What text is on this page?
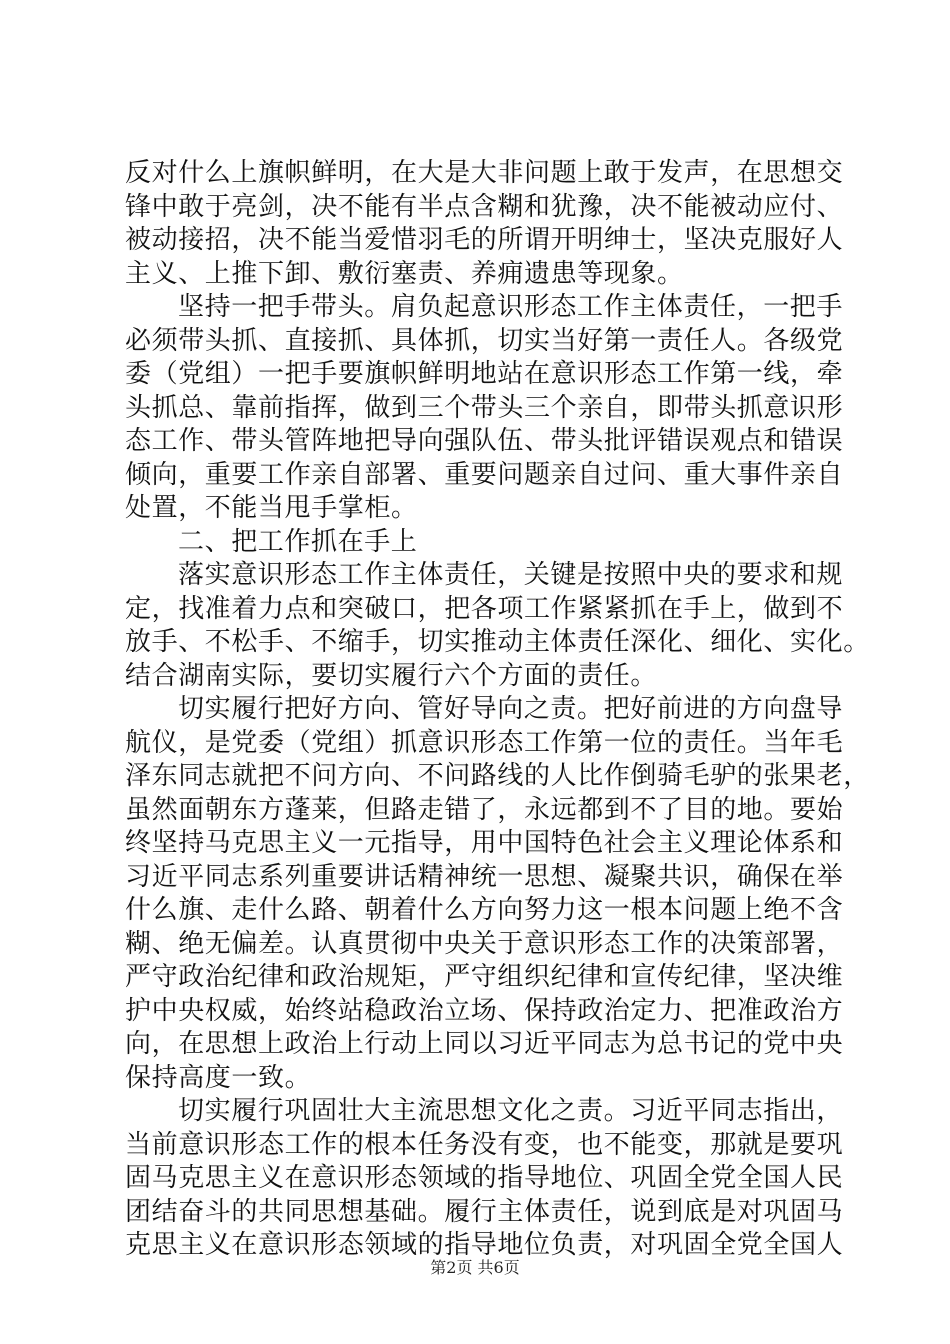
反对什么上旗帜鲜明，在大是大非问题上敢于发声，在思想交
锋中敢于亮剑，决不能有半点含糊和犹豫，决不能被动应付、
被动接招，决不能当爱惜羽毛的所谓开明绅士，坚决克服好人
主义、上推下卸、敷衍塞责、养痈遗患等现象。
坚持一把手带头。肩负起意识形态工作主体责任，一把手
必须带头抓、直接抓、具体抓，切实当好第一责任人。各级党
委（党组）一把手要旗帜鲜明地站在意识形态工作第一线，牵
头抓总、靠前指挥，做到三个带头三个亲自，即带头抓意识形
态工作、带头管阵地把导向强队伍、带头批评错误观点和错误
倾向，重要工作亲自部署、重要问题亲自过问、重大事件亲自
处置，不能当甩手掌柜。
二、把工作抓在手上
落实意识形态工作主体责任，关键是按照中央的要求和规
定，找准着力点和突破口，把各项工作紧紧抓在手上，做到不
放手、不松手、不缩手，切实推动主体责任深化、细化、实化。
结合湖南实际，要切实履行六个方面的责任。
切实履行把好方向、管好导向之责。把好前进的方向盘导
航仪，是党委（党组）抓意识形态工作第一位的责任。当年毛
泽东同志就把不问方向、不问路线的人比作倒骑毛驴的张果老，
虽然面朝东方蓬莱，但路走错了，永远都到不了目的地。要始
终坚持马克思主义一元指导，用中国特色社会主义理论体系和
习近平同志系列重要讲话精神统一思想、凝聚共识，确保在举
什么旗、走什么路、朝着什么方向努力这一根本问题上绝不含
糊、绝无偏差。认真贯彻中央关于意识形态工作的决策部署，
严守政治纪律和政治规矩，严守组织纪律和宣传纪律，坚决维
护中央权威，始终站稳政治立场、保持政治定力、把准政治方
向，在思想上政治上行动上同以习近平同志为总书记的党中央
保持高度一致。
切实履行巩固壮大主流思想文化之责。习近平同志指出，
当前意识形态工作的根本任务没有变，也不能变，那就是要巩
固马克思主义在意识形态领域的指导地位、巩固全党全国人民
团结奋斗的共同思想基础。履行主体责任，说到底是对巩固马
克思主义在意识形态领域的指导地位负责，对巩固全党全国人
第2页 共6页
